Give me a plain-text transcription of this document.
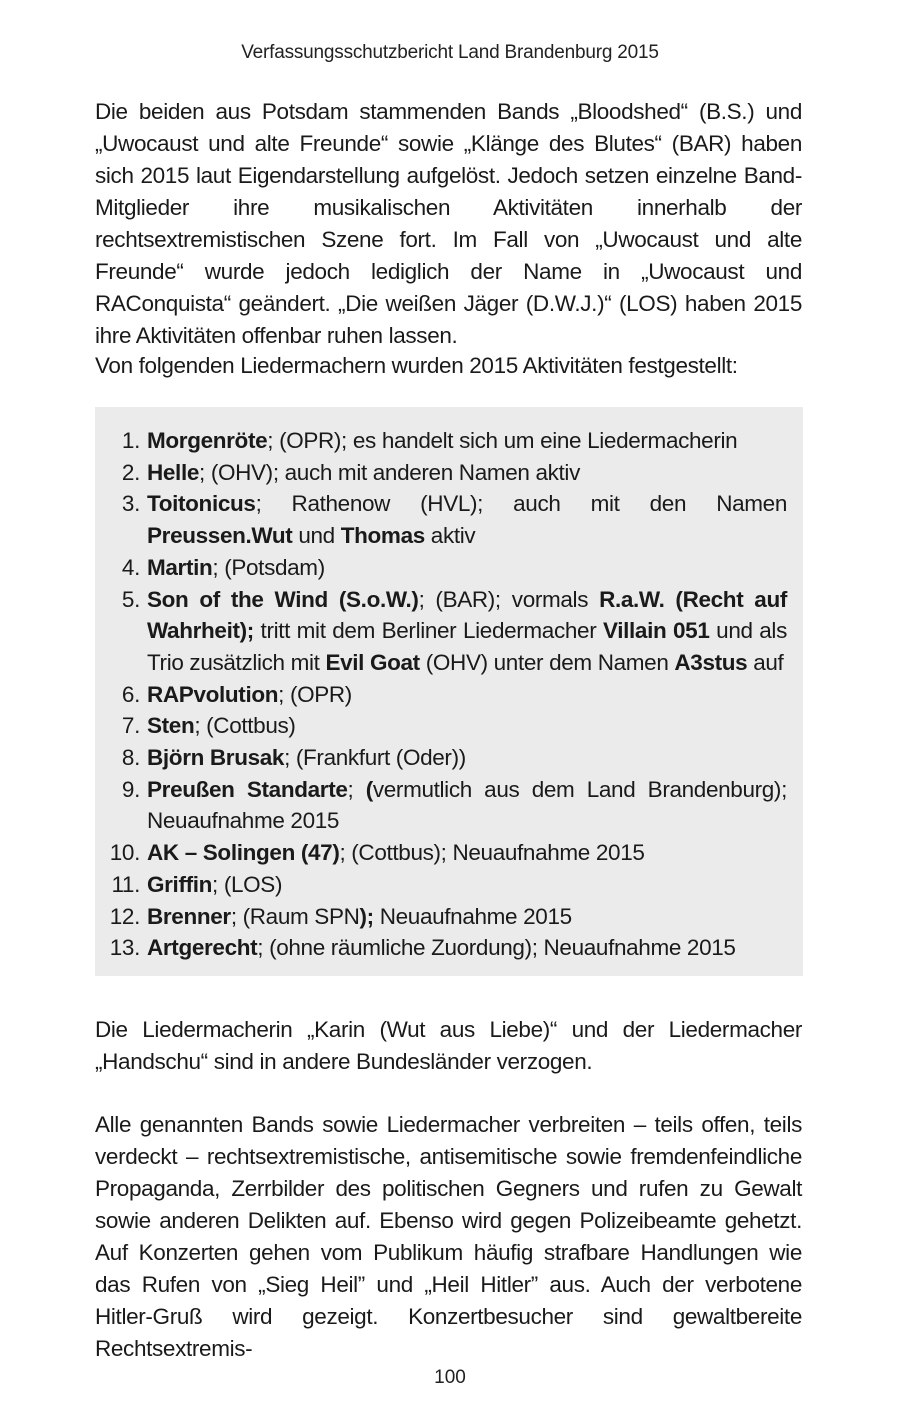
Verfassungsschutzbericht Land Brandenburg 2015

Die beiden aus Potsdam stammenden Bands „Bloodshed“ (B.S.) und „Uwocaust und alte Freunde“ sowie „Klänge des Blutes“ (BAR) haben sich 2015 laut Eigendarstellung aufgelöst. Jedoch setzen einzelne Band-Mitglieder ihre musikalischen Aktivitäten innerhalb der rechtsextremistischen Szene fort. Im Fall von „Uwocaust und alte Freunde“ wurde jedoch lediglich der Name in „Uwocaust und RAConquista“ geändert. „Die weißen Jäger (D.W.J.)“ (LOS) haben 2015 ihre Aktivitäten offenbar ruhen lassen.

Von folgenden Liedermachern wurden 2015 Aktivitäten festgestellt:

1. Morgenröte; (OPR); es handelt sich um eine Liedermacherin
2. Helle; (OHV); auch mit anderen Namen aktiv
3. Toitonicus; Rathenow (HVL); auch mit den Namen Preussen.Wut und Thomas aktiv
4. Martin; (Potsdam)
5. Son of the Wind (S.o.W.); (BAR); vormals R.a.W. (Recht auf Wahrheit); tritt mit dem Berliner Liedermacher Villain 051 und als Trio zusätzlich mit Evil Goat (OHV) unter dem Namen A3stus auf
6. RAPvolution; (OPR)
7. Sten; (Cottbus)
8. Björn Brusak; (Frankfurt (Oder))
9. Preußen Standarte; (vermutlich aus dem Land Brandenburg); Neuaufnahme 2015
10. AK – Solingen (47); (Cottbus); Neuaufnahme 2015
11. Griffin; (LOS)
12. Brenner; (Raum SPN); Neuaufnahme 2015
13. Artgerecht; (ohne räumliche Zuordung); Neuaufnahme 2015

Die Liedermacherin „Karin (Wut aus Liebe)“ und der Liedermacher „Handschu“ sind in andere Bundesländer verzogen.

Alle genannten Bands sowie Liedermacher verbreiten – teils offen, teils verdeckt – rechtsextremistische, antisemitische sowie fremdenfeindliche Propaganda, Zerrbilder des politischen Gegners und rufen zu Gewalt sowie anderen Delikten auf. Ebenso wird gegen Polizeibeamte gehetzt. Auf Konzerten gehen vom Publikum häufig strafbare Handlungen wie das Rufen von „Sieg Heil” und „Heil Hitler” aus. Auch der verbotene Hitler-Gruß wird gezeigt. Konzertbesucher sind gewaltbereite Rechtsextremis-

100
